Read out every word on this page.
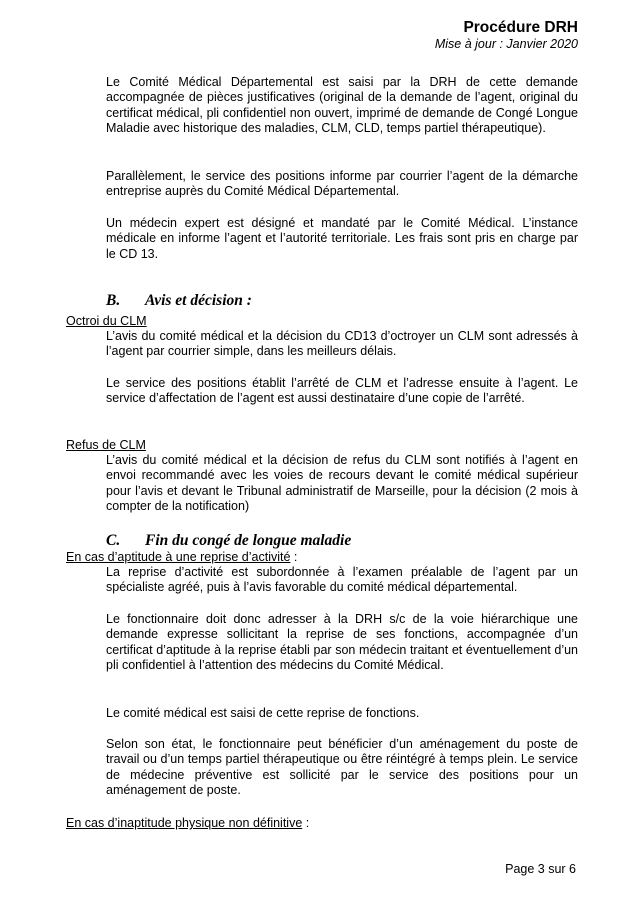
Procédure DRH
Mise à jour : Janvier 2020

Le Comité Médical Départemental est saisi par la DRH de cette demande accompagnée de pièces justificatives (original de la demande de l’agent, original du certificat médical, pli confidentiel non ouvert, imprimé de demande de Congé Longue Maladie avec historique des maladies, CLM, CLD, temps partiel thérapeutique).

Parallèlement, le service des positions informe par courrier l’agent de la démarche entreprise auprès du Comité Médical Départemental.

Un médecin expert est désigné et mandaté par le Comité Médical. L’instance médicale en informe l’agent et l’autorité territoriale. Les frais sont pris en charge par le CD 13.

B. Avis et décision :
Octroi du CLM

L’avis du comité médical et la décision du CD13 d’octroyer un CLM sont adressés à l’agent par courrier simple, dans les meilleurs délais.

Le service des positions établit l’arrêté de CLM et l’adresse ensuite à l’agent. Le service d’affectation de l’agent est aussi destinataire d’une copie de l’arrêté.

Refus de CLM

L’avis du comité médical et la décision de refus du CLM sont notifiés à l’agent en envoi recommandé avec les voies de recours devant le comité médical supérieur pour l’avis et devant le Tribunal administratif de Marseille, pour la décision (2 mois à compter de la notification)

C. Fin du congé de longue maladie
En cas d’aptitude à une reprise d’activité :

La reprise d’activité est subordonnée à l’examen préalable de l’agent par un spécialiste agréé, puis à l’avis favorable du comité médical départemental.

Le fonctionnaire doit donc adresser à la DRH s/c de la voie hiérarchique une demande expresse sollicitant la reprise de ses fonctions, accompagnée d’un certificat d’aptitude à la reprise établi par son médecin traitant et éventuellement d’un pli confidentiel à l’attention des médecins du Comité Médical.

Le comité médical est saisi de cette reprise de fonctions.

Selon son état, le fonctionnaire peut bénéficier d’un aménagement du poste de travail ou d’un temps partiel thérapeutique ou être réintégré à temps plein. Le service de médecine préventive est sollicité par le service des positions pour un aménagement de poste.

En cas d’inaptitude physique non définitive :
Page 3 sur 6
